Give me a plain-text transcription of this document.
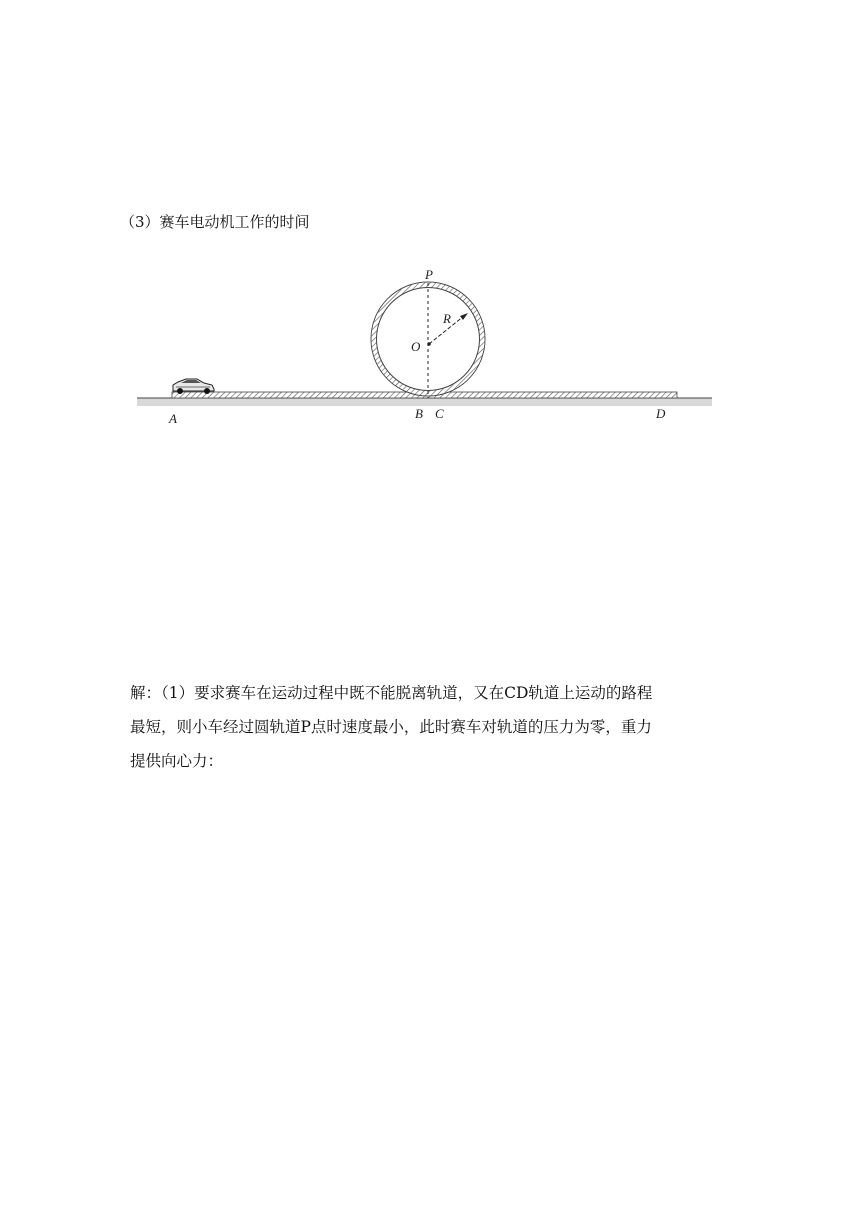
（3）赛车电动机工作的时间
P
R
O
A	B C	D
解：（1）要求赛车在运动过程中既不能脱离轨道，又在CD轨道上运动的路程
最短，则小车经过圆轨道P点时速度最小，此时赛车对轨道的压力为零，重力
提供向心力：
